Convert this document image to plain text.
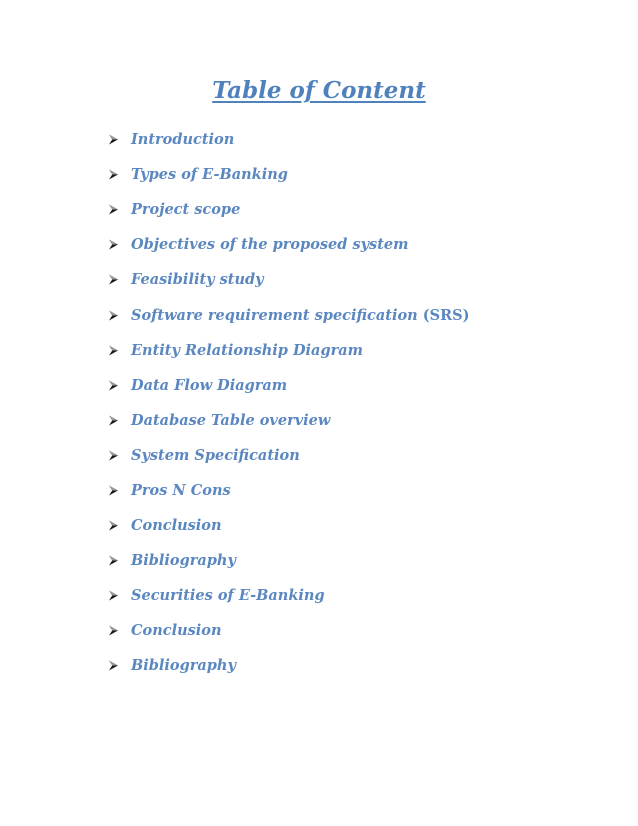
Table of Content
Introduction
Types of E-Banking
Project scope
Objectives of the proposed system
Feasibility study
Software requirement specification (SRS)
Entity Relationship Diagram
Data Flow Diagram
Database Table overview
System Specification
Pros N Cons
Conclusion
Bibliography
Securities of E-Banking
Conclusion
Bibliography
